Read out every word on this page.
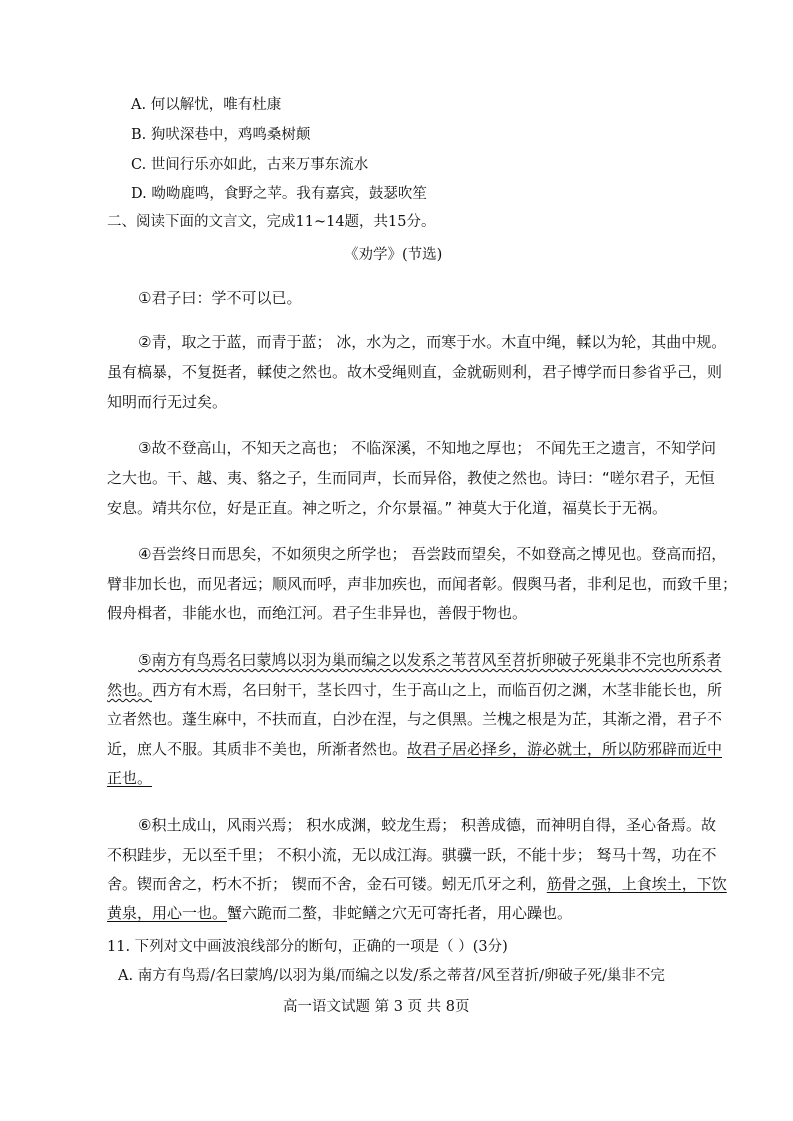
A. 何以解忧，唯有杜康
B. 狗吠深巷中，鸡鸣桑树颠
C. 世间行乐亦如此，古来万事东流水
D. 呦呦鹿鸣，食野之苹。我有嘉宾，鼓瑟吹笙
二、阅读下面的文言文，完成11~14题，共15分。
《劝学》(节选)
①君子曰：学不可以已。
②青，取之于蓝，而青于蓝； 冰，水为之，而寒于水。木直中绳，輮以为轮，其曲中规。
虽有槁暴，不复挺者，輮使之然也。故木受绳则直，金就砺则利，君子博学而日参省乎己，则
知明而行无过矣。
③故不登高山，不知天之高也； 不临深溪，不知地之厚也； 不闻先王之遗言，不知学问
之大也。干、越、夷、貉之子，生而同声，长而异俗，教使之然也。诗曰：“嗟尔君子，无恒
安息。靖共尔位，好是正直。神之听之，介尔景福。” 神莫大于化道，福莫长于无祸。
④吾尝终日而思矣，不如须臾之所学也； 吾尝跂而望矣，不如登高之博见也。登高而招，
臂非加长也，而见者远；顺风而呼，声非加疾也，而闻者彰。假舆马者，非利足也，而致千里；
假舟楫者，非能水也，而绝江河。君子生非异也，善假于物也。
⑤南方有鸟焉名曰蒙鸠以羽为巢而编之以发系之苇苕风至苕折卵破子死巢非不完也所系者
然也。西方有木焉，名曰射干，茎长四寸，生于高山之上，而临百仞之渊，木茎非能长也，所
立者然也。蓬生麻中，不扶而直，白沙在涅，与之俱黑。兰槐之根是为芷，其渐之滑，君子不
近，庶人不服。其质非不美也，所渐者然也。故君子居必择乡，游必就士，所以防邪辟而近中
正也。
⑥积土成山，风雨兴焉； 积水成渊，蛟龙生焉； 积善成德，而神明自得，圣心备焉。故
不积跬步，无以至千里； 不积小流，无以成江海。骐骥一跃，不能十步； 驽马十驾，功在不
舍。锲而舍之，朽木不折； 锲而不舍，金石可镂。蚓无爪牙之利，筋骨之强，上食埃土，下饮
黄泉，用心一也。蟹六跪而二螯，非蛇鳝之穴无可寄托者，用心躁也。
11. 下列对文中画波浪线部分的断句，正确的一项是（ ）(3分)
A. 南方有鸟焉/名曰蒙鸠/以羽为巢/而编之以发/系之蒂苕/风至苕折/卵破子死/巢非不完
高一语文试题 第 3 页 共 8页
